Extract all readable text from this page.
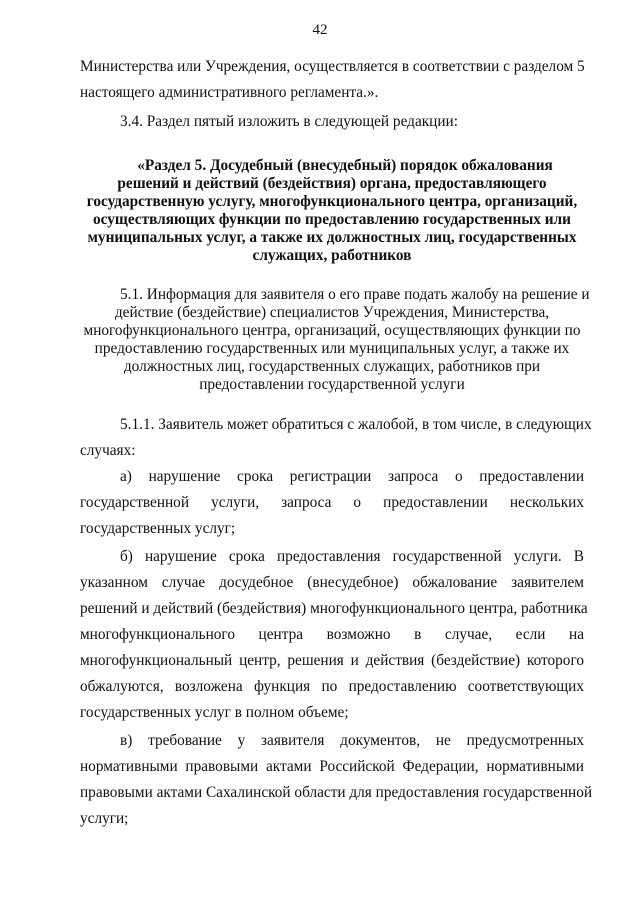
42
Министерства или Учреждения, осуществляется в соответствии с разделом 5
настоящего административного регламента.».
3.4. Раздел пятый изложить в следующей редакции:
«Раздел 5. Досудебный (внесудебный) порядок обжалования
решений и действий (бездействия) органа, предоставляющего
государственную услугу, многофункционального центра, организаций,
осуществляющих функции по предоставлению государственных или
муниципальных услуг, а также их должностных лиц, государственных
служащих, работников
5.1. Информация для заявителя о его праве подать жалобу на решение и
действие (бездействие) специалистов Учреждения, Министерства,
многофункционального центра, организаций, осуществляющих функции по
предоставлению государственных или муниципальных услуг, а также их
должностных лиц, государственных служащих, работников при
предоставлении государственной услуги
5.1.1. Заявитель может обратиться с жалобой, в том числе, в следующих
случаях:
а) нарушение срока регистрации запроса о предоставлении
государственной услуги, запроса о предоставлении нескольких
государственных услуг;
б) нарушение срока предоставления государственной услуги. В
указанном случае досудебное (внесудебное) обжалование заявителем
решений и действий (бездействия) многофункционального центра, работника
многофункционального центра возможно в случае, если на
многофункциональный центр, решения и действия (бездействие) которого
обжалуются, возложена функция по предоставлению соответствующих
государственных услуг в полном объеме;
в) требование у заявителя документов, не предусмотренных
нормативными правовыми актами Российской Федерации, нормативными
правовыми актами Сахалинской области для предоставления государственной
услуги;
